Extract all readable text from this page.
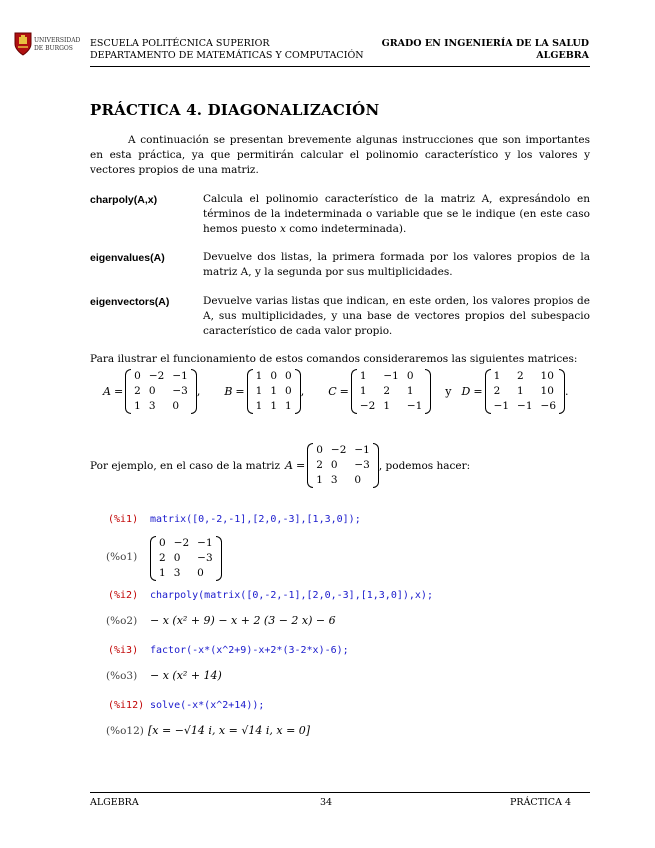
UNIVERSIDAD
DE BURGOS ESCUELA POLITÉCNICA SUPERIOR
DEPARTAMENTO DE MATEMÁTICAS Y COMPUTACIÓN
GRADO EN INGENIERÍA DE LA SALUD
ALGEBRA
PRÁCTICA 4. DIAGONALIZACIÓN
A continuación se presentan brevemente algunas instrucciones que son importantes en esta práctica, ya que permitirán calcular el polinomio característico y los valores y vectores propios de una matriz.
charpoly(A,x)	Calcula el polinomio característico de la matriz A, expresándolo en términos de la indeterminada o variable que se le indique (en este caso hemos puesto x como indeterminada).
eigenvalues(A)	Devuelve dos listas, la primera formada por los valores propios de la matriz A, y la segunda por sus multiplicidades.
eigenvectors(A)	Devuelve varias listas que indican, en este orden, los valores propios de A, sus multiplicidades, y una base de vectores propios del subespacio característico de cada valor propio.
Para ilustrar el funcionamiento de estos comandos consideraremos las siguientes matrices:
A =
0	−2	−1
2	0	−3
1	3	0
, B =
1	0	0
1	1	0
1	1	1
, C =
1	−1	0
1	2	1
−2	1	−1
y D =
1	2	10
2	1	10
−1	−1	−6
.
Por ejemplo, en el caso de la matriz A =
0	−2	−1
2	0	−3
1	3	0
, podemos hacer:
(%i1) matrix([0,-2,-1],[2,0,-3],[1,3,0]);
(%o1)
0	−2	−1
2	0	−3
1	3	0
(%i2) charpoly(matrix([0,-2,-1],[2,0,-3],[1,3,0]),x);
(%o2) − x (x² + 9) − x + 2 (3 − 2 x) − 6
(%i3) factor(-x*(x^2+9)-x+2*(3-2*x)-6);
(%o3) − x (x² + 14)
(%i12) solve(-x*(x^2+14));
(%o12) [x = −√14 i, x = √14 i, x = 0]
ALGEBRA	34	PRÁCTICA 4
